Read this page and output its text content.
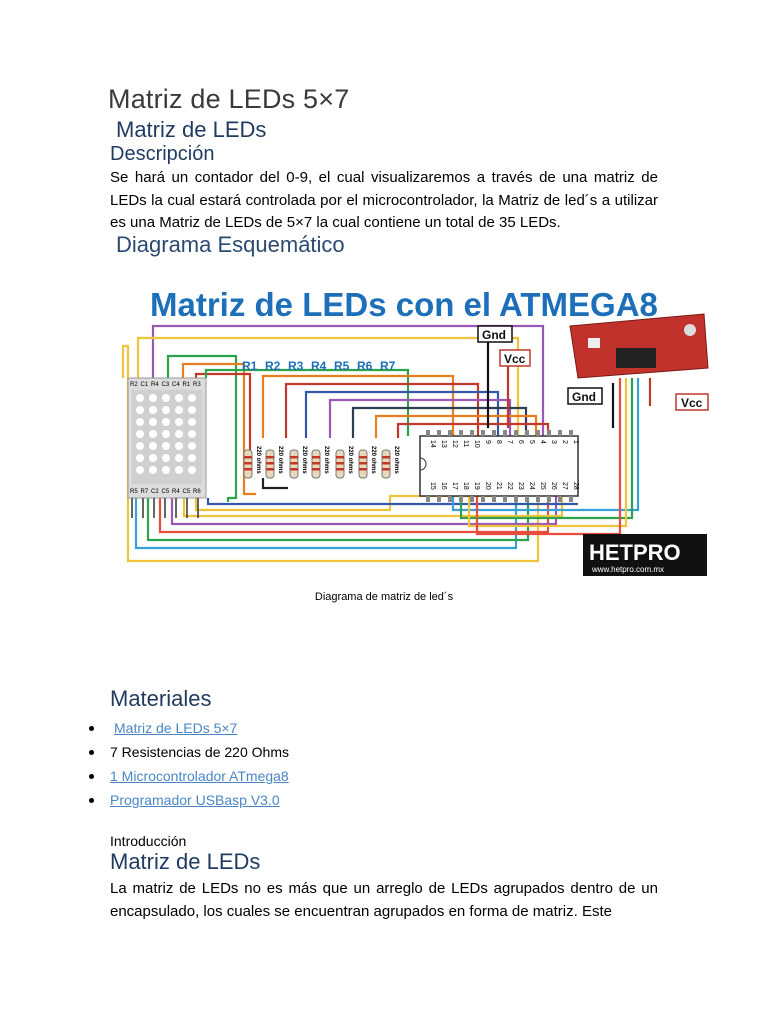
Matriz de LEDs 5×7
Matriz de LEDs
Descripción

Se hará un contador del 0-9, el cual visualizaremos a través de una matriz de LEDs la cual estará controlada por el microcontrolador, la Matriz de led´s a utilizar es una Matriz de LEDs de 5×7 la cual contiene un total de 35 LEDs.

Diagrama Esquemático
Matriz de LEDs con el ATMEGA8
R2 C1 R4 C3 C4 R1 R3
R5 R7 C2 C5 R4 C5 R6
R1 R2 R3 R4 R5 R6 R7
220 ohms	220 ohms	220 ohms	220 ohms	220 ohms	220 ohms	220 ohms
Gnd
Vcc
Gnd	Vcc
14 13 12 11 10 9 8 7 6 5 4 3 2 1
15 16 17 18 19 20 21 22 23 24 25 26 27 28
HETPRO
www.hetpro.com.mx
Diagrama de matriz de led´s
Materiales
Matriz de LEDs 5×7
7 Resistencias de 220 Ohms
1 Microcontrolador ATmega8
Programador USBasp V3.0
Introducción
Matriz de LEDs

La matriz de LEDs no es más que un arreglo de LEDs agrupados dentro de un encapsulado, los cuales se encuentran agrupados en forma de matriz. Este
